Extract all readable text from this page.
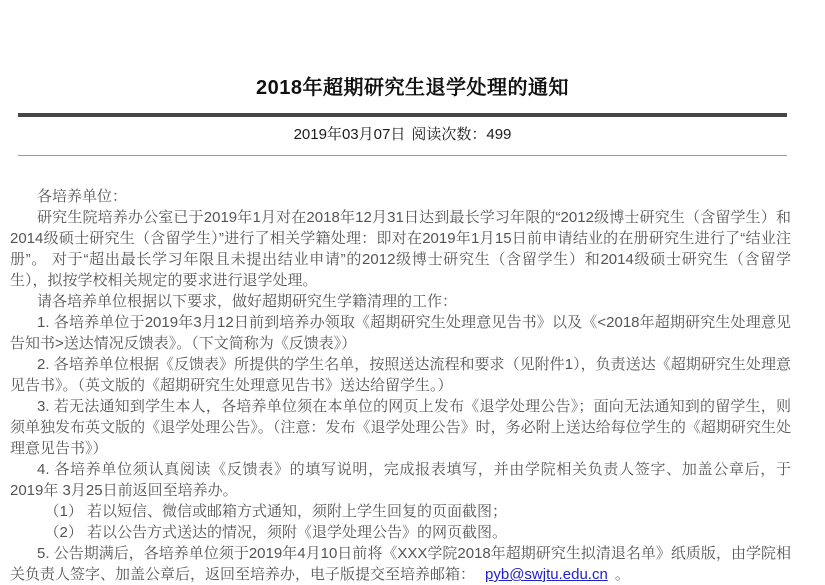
2018年超期研究生退学处理的通知
2019年03月07日 阅读次数：499

各培养单位：

研究生院培养办公室已于2019年1月对在2018年12月31日达到最长学习年限的“2012级博士研究生（含留学生）和2014级硕士研究生（含留学生）”进行了相关学籍处理：即对在2019年1月15日前申请结业的在册研究生进行了“结业注册”。 对于“超出最长学习年限且未提出结业申请”的2012级博士研究生（含留学生）和2014级硕士研究生（含留学生），拟按学校相关规定的要求进行退学处理。

请各培养单位根据以下要求，做好超期研究生学籍清理的工作：

1. 各培养单位于2019年3月12日前到培养办领取《超期研究生处理意见告书》以及《<2018年超期研究生处理意见告知书>送达情况反馈表》。（下文简称为《反馈表》）

2. 各培养单位根据《反馈表》所提供的学生名单，按照送达流程和要求（见附件1），负责送达《超期研究生处理意见告书》。（英文版的《超期研究生处理意见告书》送达给留学生。）

3. 若无法通知到学生本人，各培养单位须在本单位的网页上发布《退学处理公告》；面向无法通知到的留学生，则须单独发布英文版的《退学处理公告》。（注意：发布《退学处理公告》时，务必附上送达给每位学生的《超期研究生处理意见告书》）

4. 各培养单位须认真阅读《反馈表》的填写说明，完成报表填写，并由学院相关负责人签字、加盖公章后，于2019年 3月25日前返回至培养办。

（1） 若以短信、微信或邮箱方式通知，须附上学生回复的页面截图；

（2） 若以公告方式送达的情况，须附《退学处理公告》的网页截图。

5. 公告期满后，各培养单位须于2019年4月10日前将《XXX学院2018年超期研究生拟清退名单》纸质版，由学院相关负责人签字、加盖公章后，返回至培养办，电子版提交至培养邮箱： pyb@swjtu.edu.cn 。
